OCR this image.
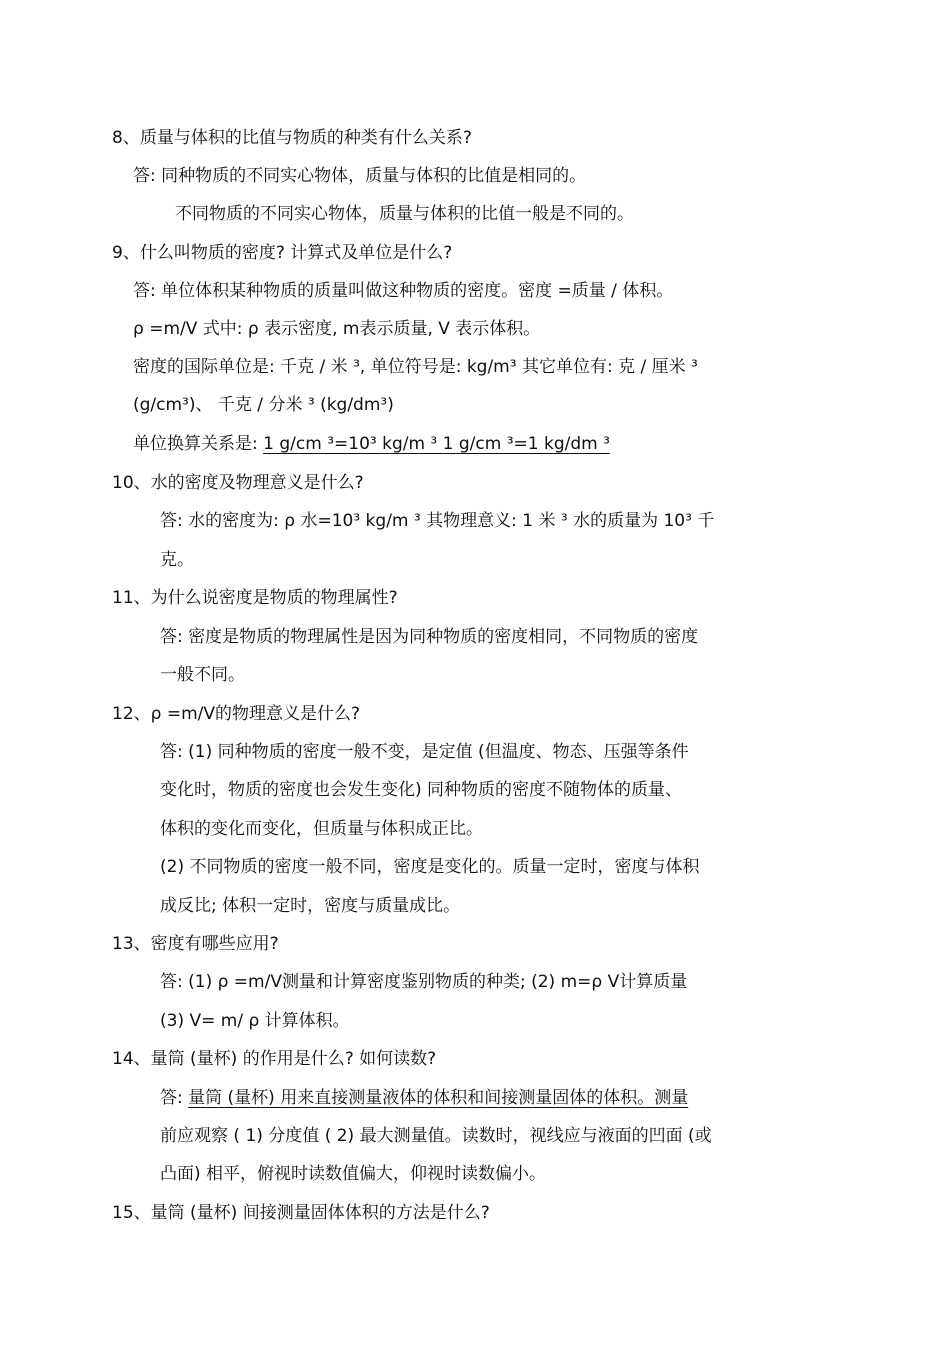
8、质量与体积的比值与物质的种类有什么关系?
答: 同种物质的不同实心物体，质量与体积的比值是相同的。
不同物质的不同实心物体，质量与体积的比值一般是不同的。
9、什么叫物质的密度? 计算式及单位是什么?
答: 单位体积某种物质的质量叫做这种物质的密度。密度 =质量 / 体积。
ρ =m/V 式中: ρ 表示密度, m表示质量, V 表示体积。
密度的国际单位是: 千克 / 米 ³, 单位符号是: kg/m³ 其它单位有: 克 / 厘米 ³
(g/cm³)、 千克 / 分米 ³ (kg/dm³)
单位换算关系是: 1 g/cm ³=10³ kg/m ³ 1 g/cm ³=1 kg/dm ³
10、水的密度及物理意义是什么?
答: 水的密度为: ρ 水=10³ kg/m ³ 其物理意义: 1 米 ³ 水的质量为 10³ 千
克。
11、为什么说密度是物质的物理属性?
答: 密度是物质的物理属性是因为同种物质的密度相同，不同物质的密度
一般不同。
12、ρ =m/V的物理意义是什么?
答: (1) 同种物质的密度一般不变，是定值 (但温度、物态、压强等条件
变化时，物质的密度也会发生变化) 同种物质的密度不随物体的质量、
体积的变化而变化，但质量与体积成正比。
(2) 不同物质的密度一般不同，密度是变化的。质量一定时，密度与体积
成反比; 体积一定时，密度与质量成比。
13、密度有哪些应用?
答: (1) ρ =m/V测量和计算密度鉴别物质的种类; (2) m=ρ V计算质量
(3) V= m/ ρ 计算体积。
14、量筒 (量杯) 的作用是什么? 如何读数?
答: 量筒 (量杯) 用来直接测量液体的体积和间接测量固体的体积。测量
前应观察 ( 1) 分度值 ( 2) 最大测量值。读数时，视线应与液面的凹面 (或
凸面) 相平，俯视时读数值偏大，仰视时读数偏小。
15、量筒 (量杯) 间接测量固体体积的方法是什么?
